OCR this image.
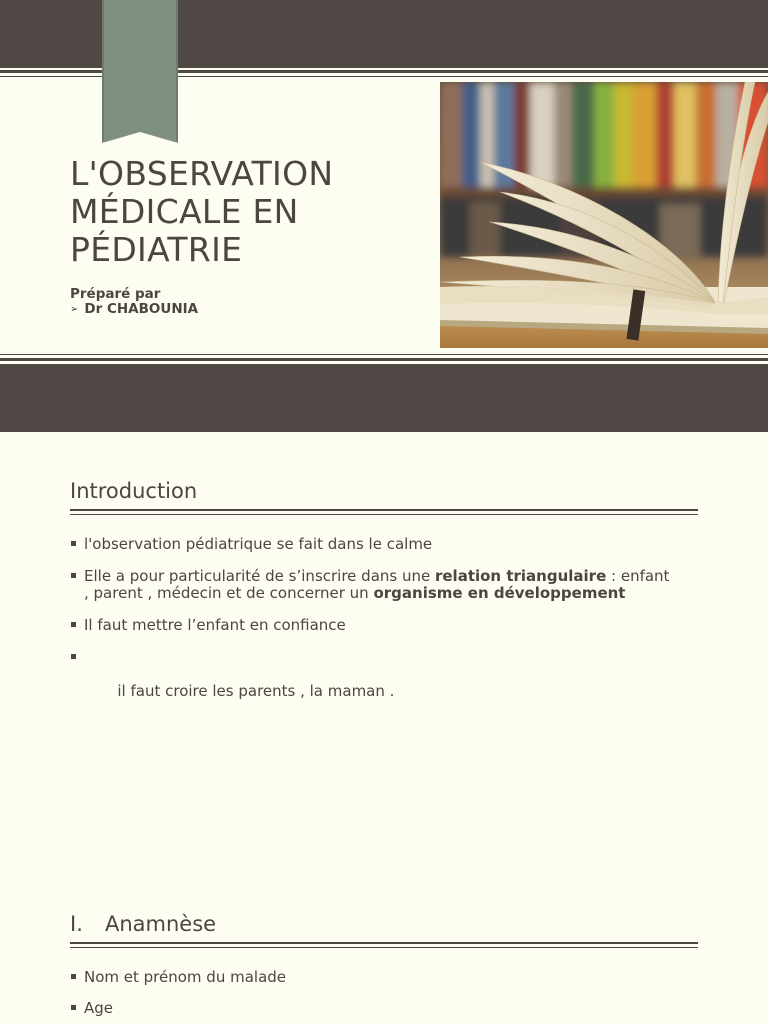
L'OBSERVATION
MÉDICALE EN
PÉDIATRIE
Préparé par
➢ Dr CHABOUNIA
Introduction
l'observation pédiatrique se fait dans le calme
Elle a pour particularité de s’inscrire dans une relation triangulaire : enfant , parent , médecin et de concerner un organisme en développement
Il faut mettre l’enfant en confiance

il faut croire les parents , la maman .

I. Anamnèse
Nom et prénom du malade
Age
